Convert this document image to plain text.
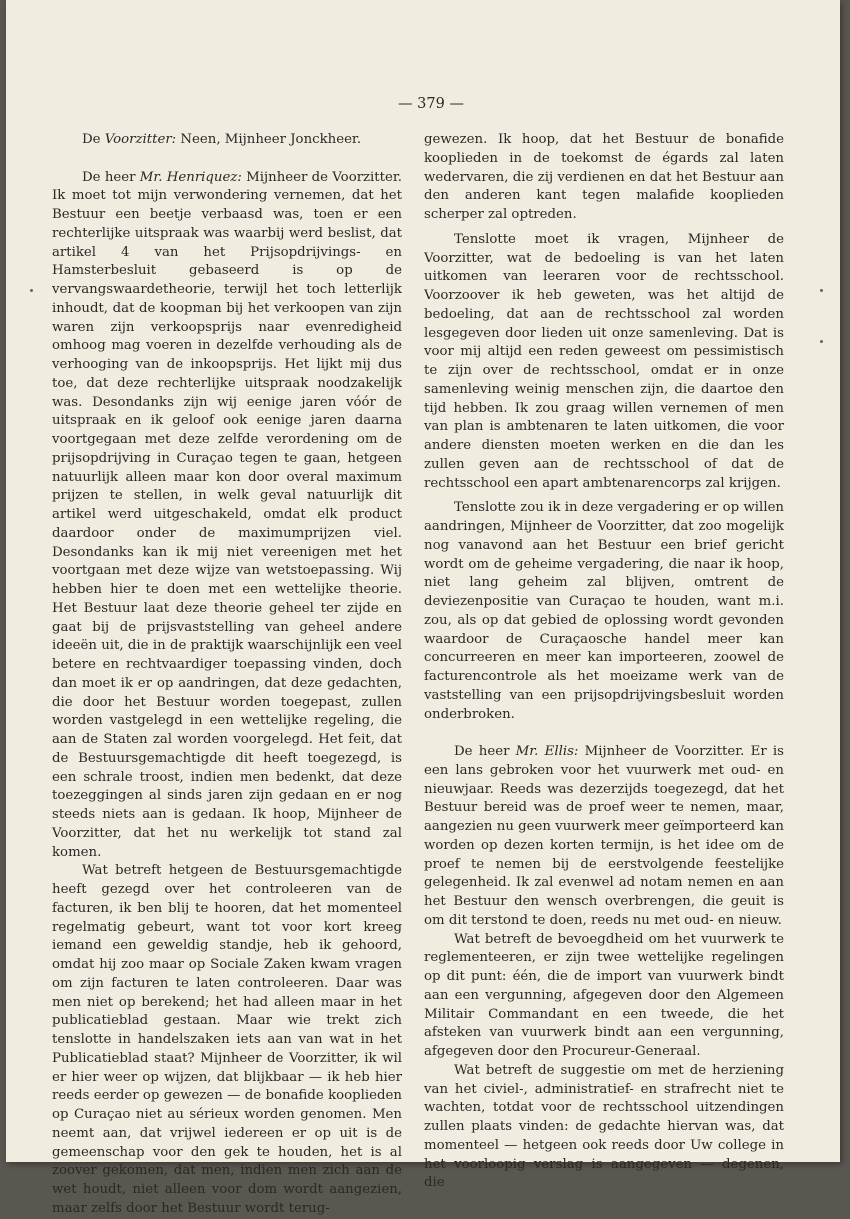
— 379 —

De Voorzitter: Neen, Mijnheer Jonckheer.

De heer Mr. Henriquez: Mijnheer de Voorzitter. Ik moet tot mijn verwondering vernemen, dat het Bestuur een beetje verbaasd was, toen er een rechterlijke uitspraak was waarbij werd beslist, dat artikel 4 van het Prijsopdrijvings- en Hamsterbesluit gebaseerd is op de vervangswaardetheorie, terwijl het toch letterlijk inhoudt, dat de koopman bij het verkoopen van zijn waren zijn verkoopsprijs naar evenredigheid omhoog mag voeren in dezelfde verhouding als de verhooging van de inkoopsprijs. Het lijkt mij dus toe, dat deze rechterlijke uitspraak noodzakelijk was. Desondanks zijn wij eenige jaren vóór de uitspraak en ik geloof ook eenige jaren daarna voortgegaan met deze zelfde verordening om de prijsopdrijving in Curaçao tegen te gaan, hetgeen natuurlijk alleen maar kon door overal maximum prijzen te stellen, in welk geval natuurlijk dit artikel werd uitgeschakeld, omdat elk product daardoor onder de maximumprijzen viel. Desondanks kan ik mij niet vereenigen met het voortgaan met deze wijze van wetstoepassing. Wij hebben hier te doen met een wettelijke theorie. Het Bestuur laat deze theorie geheel ter zijde en gaat bij de prijsvaststelling van geheel andere ideeën uit, die in de praktijk waarschijnlijk een veel betere en rechtvaardiger toepassing vinden, doch dan moet ik er op aandringen, dat deze gedachten, die door het Bestuur worden toegepast, zullen worden vastgelegd in een wettelijke regeling, die aan de Staten zal worden voorgelegd. Het feit, dat de Bestuursgemachtigde dit heeft toegezegd, is een schrale troost, indien men bedenkt, dat deze toezeggingen al sinds jaren zijn gedaan en er nog steeds niets aan is gedaan. Ik hoop, Mijnheer de Voorzitter, dat het nu werkelijk tot stand zal komen.

Wat betreft hetgeen de Bestuursgemachtigde heeft gezegd over het controleeren van de facturen, ik ben blij te hooren, dat het momenteel regelmatig gebeurt, want tot voor kort kreeg iemand een geweldig standje, heb ik gehoord, omdat hij zoo maar op Sociale Zaken kwam vragen om zijn facturen te laten controleeren. Daar was men niet op berekend; het had alleen maar in het publicatieblad gestaan. Maar wie trekt zich tenslotte in handelszaken iets aan van wat in het Publicatieblad staat? Mijnheer de Voorzitter, ik wil er hier weer op wijzen, dat blijkbaar — ik heb hier reeds eerder op gewezen — de bonafide kooplieden op Curaçao niet au sérieux worden genomen. Men neemt aan, dat vrijwel iedereen er op uit is de gemeenschap voor den gek te houden, het is al zoover gekomen, dat men, indien men zich aan de wet houdt, niet alleen voor dom wordt aangezien, maar zelfs door het Bestuur wordt terug-

gewezen. Ik hoop, dat het Bestuur de bonafide kooplieden in de toekomst de égards zal laten wedervaren, die zij verdienen en dat het Bestuur aan den anderen kant tegen malafide kooplieden scherper zal optreden.

Tenslotte moet ik vragen, Mijnheer de Voorzitter, wat de bedoeling is van het laten uitkomen van leeraren voor de rechtsschool. Voorzoover ik heb geweten, was het altijd de bedoeling, dat aan de rechtsschool zal worden lesgegeven door lieden uit onze samenleving. Dat is voor mij altijd een reden geweest om pessimistisch te zijn over de rechtsschool, omdat er in onze samenleving weinig menschen zijn, die daartoe den tijd hebben. Ik zou graag willen vernemen of men van plan is ambtenaren te laten uitkomen, die voor andere diensten moeten werken en die dan les zullen geven aan de rechtsschool of dat de rechtsschool een apart ambtenarencorps zal krijgen.

Tenslotte zou ik in deze vergadering er op willen aandringen, Mijnheer de Voorzitter, dat zoo mogelijk nog vanavond aan het Bestuur een brief gericht wordt om de geheime vergadering, die naar ik hoop, niet lang geheim zal blijven, omtrent de deviezenpositie van Curaçao te houden, want m.i. zou, als op dat gebied de oplossing wordt gevonden waardoor de Curaçaosche handel meer kan concurreeren en meer kan importeeren, zoowel de facturencontrole als het moeizame werk van de vaststelling van een prijsopdrijvingsbesluit worden onderbroken.

De heer Mr. Ellis: Mijnheer de Voorzitter. Er is een lans gebroken voor het vuurwerk met oud- en nieuwjaar. Reeds was dezerzijds toegezegd, dat het Bestuur bereid was de proef weer te nemen, maar, aangezien nu geen vuurwerk meer geïmporteerd kan worden op dezen korten termijn, is het idee om de proef te nemen bij de eerstvolgende feestelijke gelegenheid. Ik zal evenwel ad notam nemen en aan het Bestuur den wensch overbrengen, die geuit is om dit terstond te doen, reeds nu met oud- en nieuw.

Wat betreft de bevoegdheid om het vuurwerk te reglementeeren, er zijn twee wettelijke regelingen op dit punt: één, die de import van vuurwerk bindt aan een vergunning, afgegeven door den Algemeen Militair Commandant en een tweede, die het afsteken van vuurwerk bindt aan een vergunning, afgegeven door den Procureur-Generaal.

Wat betreft de suggestie om met de herziening van het civiel-, administratief- en strafrecht niet te wachten, totdat voor de rechtsschool uitzendingen zullen plaats vinden: de gedachte hiervan was, dat momenteel — hetgeen ook reeds door Uw college in het voorloopig verslag is aangegeven — degenen, die
